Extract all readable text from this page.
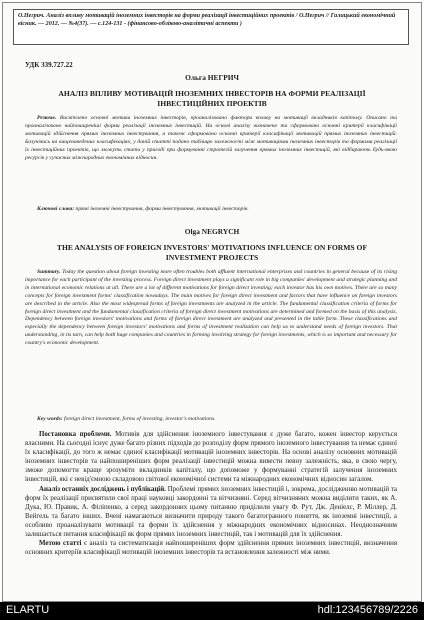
О.Негрич. Аналіз впливу мотивацій іноземних інвесторів на форми реалізації інвестиційних проектів / О.Негрич // Галицький економічний вісник. — 2012. — №4(37). — с.124-131 - (фінансово-обліково-аналітичні аспекти )
УДК 339.727.22
Ольга НЕГРИЧ
АНАЛІЗ ВПЛИВУ МОТИВАЦІЙ ІНОЗЕМНИХ ІНВЕСТОРІВ НА ФОРМИ РЕАЛІЗАЦІЇ ІНВЕСТИЦІЙНИХ ПРОЕКТІВ
Резюме. Висвітлено основні мотиви іноземних інвесторів, проаналізовано фактори впливу на мотивації вкладників капіталу. Описано та проаналізовано найпоширеніші форми реалізації іноземних інвестицій. На основі аналізу визначено та сформовано основні критерії класифікації мотивацій здійснення прямих іноземних інвестування, а також сформовано основні критерії класифікації мотивацій прямих іноземних інвестицій. Базуючись на вищенаведених класифікаціях, у даній статті подано таблицю залежності між мотиваціями іноземних інвесторів та формами реалізації їх інвестиційних проектів, що можуть стати у пригоді при формуванні стратегій залучення прямих іноземних інвестицій, які відбирають будь-якою ресурсів у сучасних міжнародних економічних відносин.
Ключові слова: прямі іноземні інвестування, форми інвестування, мотивації інвесторів.
Olga NEGRYCH
THE ANALYSIS OF FOREIGN INVESTORS' MOTIVATIONS INFLUENCE ON FORMS OF INVESTMENT PROJECTS
Summary. Today the question about foreign investing more often troubles both affluent international enterprises and countries in general because of its rising importance for each participant of the investing process. Foreign direct investment plays a significant role in big companies' development and strategic planning and in international economic relations at all. There are a lot of different motivations for foreign direct investing; each investor has his own motives. There are so many concepts for foreign investment forms' classification nowadays. The main motives for foreign direct investment and factors that have influence on foreign investors are described in the article. Also the most widespread forms of foreign investments are analyzed in the article. The fundamental classification criteria of forms for foreign direct investment and the fundamental classification criteria of foreign direct investment motivations are determined and formed on the basis of this analysis. Dependency between foreign investors' motivations and forms of foreign direct investment are analyzed and presented in the table form. These classifications and especially the dependency between foreign investors' motivations and forms of investment realization can help us to understand needs of foreign investors. That understanding, in its turn, can help both huge companies and countries in forming involving strategy for foreign investments, which is so important and necessary for country's economic development.
Key words: foreign direct investment, forms of investing, investor's motivations.

Постановка проблеми. Мотивів для здійснення іноземного інвестування є дуже багато, кожен інвестор керується власними. На сьогодні існує дуже багато різних підходів до розподілу форм прямого іноземного інвестування та немає єдиної їх класифікації, до того ж немає єдиної класифікації мотивацій іноземних інвесторів. На основі аналізу основних мотивацій іноземних інвесторів та найпоширеніших форм реалізації інвестицій можна вивести певну залежність, яка, в свою чергу, зможе допомогти краще зрозуміти вкладників капіталу, що допоможе у формуванні стратегій залучення іноземних інвестицій, які є невід'ємною складовою світової економічної системи та міжнародних економічних відносин загалом.

Аналіз останніх досліджень і публікацій. Проблемі прямих іноземних інвестицій і, зокрема, дослідженню мотивацій та форм їх реалізації присвятили свої праці науковці закордонні та вітчизняні. Серед вітчизняних можна виділити таких, як А. Дука, Ю. Правик, А. Філіпенко, а серед закордонних цьому питанню приділили увагу Ф. Рут, Дж. Деніелс, Р. Міллер, Д. Вейгель та багато інших. Вчені намагаються визначити природу такого багатогранного поняття, як іноземні інвестиції, а особливо проаналізувати мотивації та форми їх здійснення у міжнародних економічних відносинах. Неоднозначним залишається питання класифікації як форм прямих іноземних інвестицій, так і мотивацій для їх здійснення.

Метою статті є аналіз та систематизація найпоширеніших форм здійснення прямих іноземних інвестицій, визначення основних критеріїв класифікації мотивацій іноземних інвесторів та встановлення залежності між ними.

ELARTU	hdl:123456789/2226
